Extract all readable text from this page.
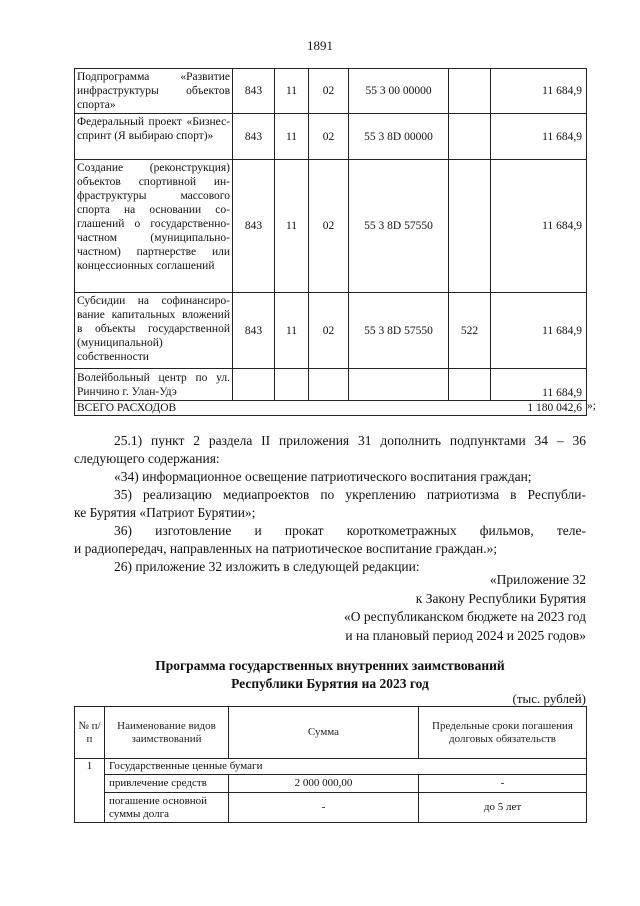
1891
Подпрограмма «Развитие инфраструктуры объектов спорта»	843	11	02	55 3 00 00000		11 684,9
Федеральный проект «Бизнес-спринт (Я выбираю спорт)»	843	11	02	55 3 8D 00000		11 684,9
Создание (реконструкция) объектов спортивной инфраструктуры массового спорта на основании соглашений о государственно-частном (муниципально-частном) партнерстве или концессионных соглашений	843	11	02	55 3 8D 57550		11 684,9
Субсидии на софинансирование капитальных вложений в объекты государственной (муниципальной) собственности	843	11	02	55 3 8D 57550	522	11 684,9
Волейбольный центр по ул. Ринчино г. Улан-Удэ						11 684,9
ВСЕГО РАСХОДОВ						1 180 042,6 »;
25.1) пункт 2 раздела II приложения 31 дополнить подпунктами 34 – 36
следующего содержания:
«34) информационное освещение патриотического воспитания граждан;
35) реализацию медиапроектов по укреплению патриотизма в Республи-
ке Бурятия «Патриот Бурятии»;
36) изготовление и прокат короткометражных фильмов, теле-
и радиопередач, направленных на патриотическое воспитание граждан.»;
26) приложение 32 изложить в следующей редакции:
«Приложение 32
к Закону Республики Бурятия
«О республиканском бюджете на 2023 год
и на плановый период 2024 и 2025 годов»
Программа государственных внутренних заимствований
Республики Бурятия на 2023 год
(тыс. рублей)
№ п/п	Наименование видов заимствований	Сумма	Предельные сроки погашения долговых обязательств
1	Государственные ценные бумаги		
	привлечение средств	2 000 000,00	-
	погашение основной суммы долга	-	до 5 лет
